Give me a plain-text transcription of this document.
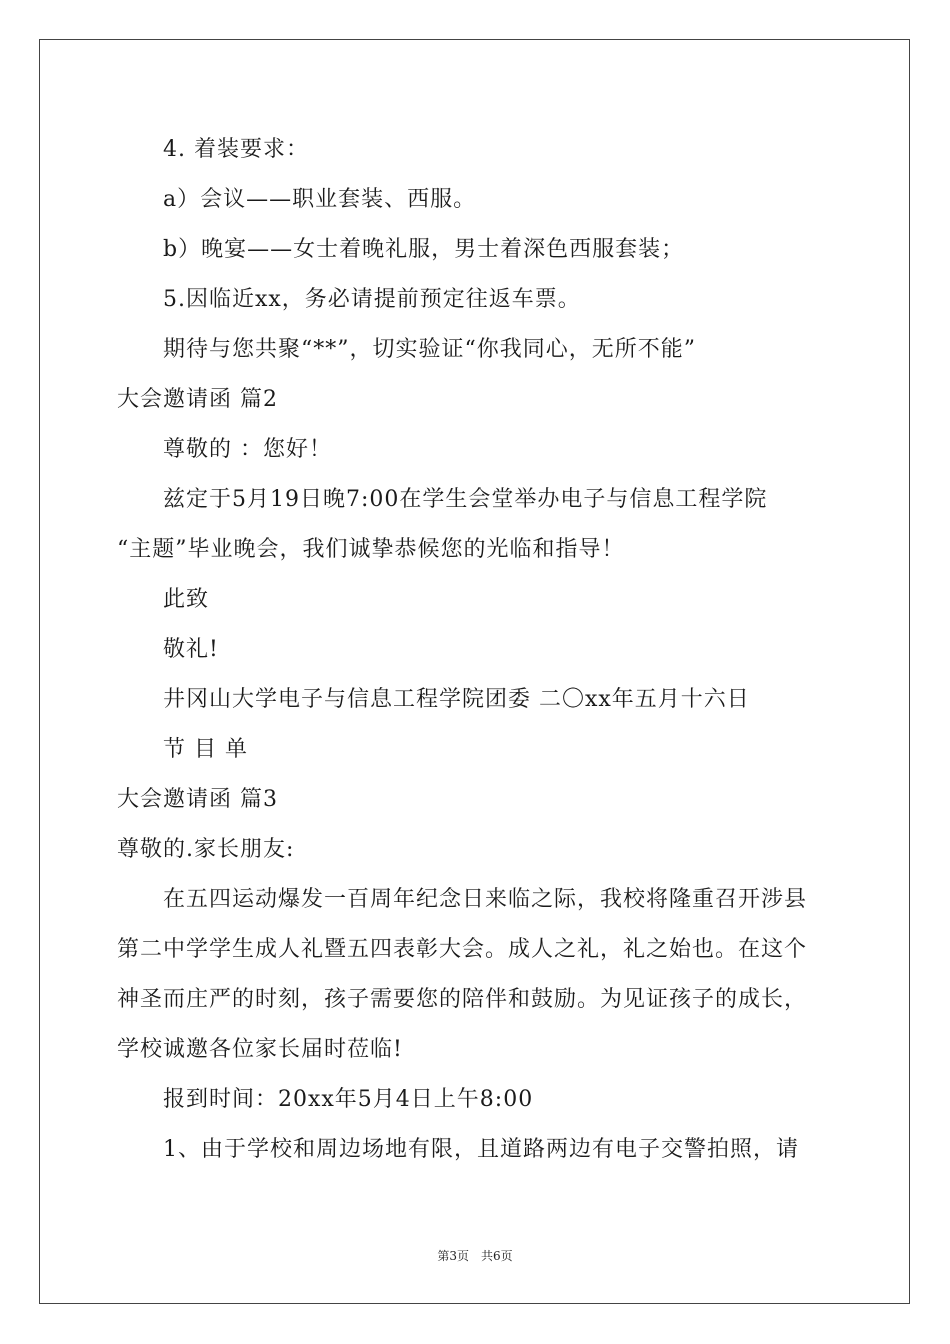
4. 着装要求：
a）会议——职业套装、西服。
b）晚宴——女士着晚礼服，男士着深色西服套装；
5.因临近xx，务必请提前预定往返车票。
期待与您共聚“**”，切实验证“你我同心，无所不能”
大会邀请函 篇2
尊敬的 ：您好！
兹定于5月19日晚7:00在学生会堂举办电子与信息工程学院
“主题”毕业晚会，我们诚挚恭候您的光临和指导！
此致
敬礼!
井冈山大学电子与信息工程学院团委 二〇xx年五月十六日
节 目 单
大会邀请函 篇3
尊敬的.家长朋友:
在五四运动爆发一百周年纪念日来临之际，我校将隆重召开涉县
第二中学学生成人礼暨五四表彰大会。成人之礼，礼之始也。在这个
神圣而庄严的时刻，孩子需要您的陪伴和鼓励。为见证孩子的成长，
学校诚邀各位家长届时莅临!
报到时间：20xx年5月4日上午8:00
1、由于学校和周边场地有限，且道路两边有电子交警拍照，请
第3页　共6页
